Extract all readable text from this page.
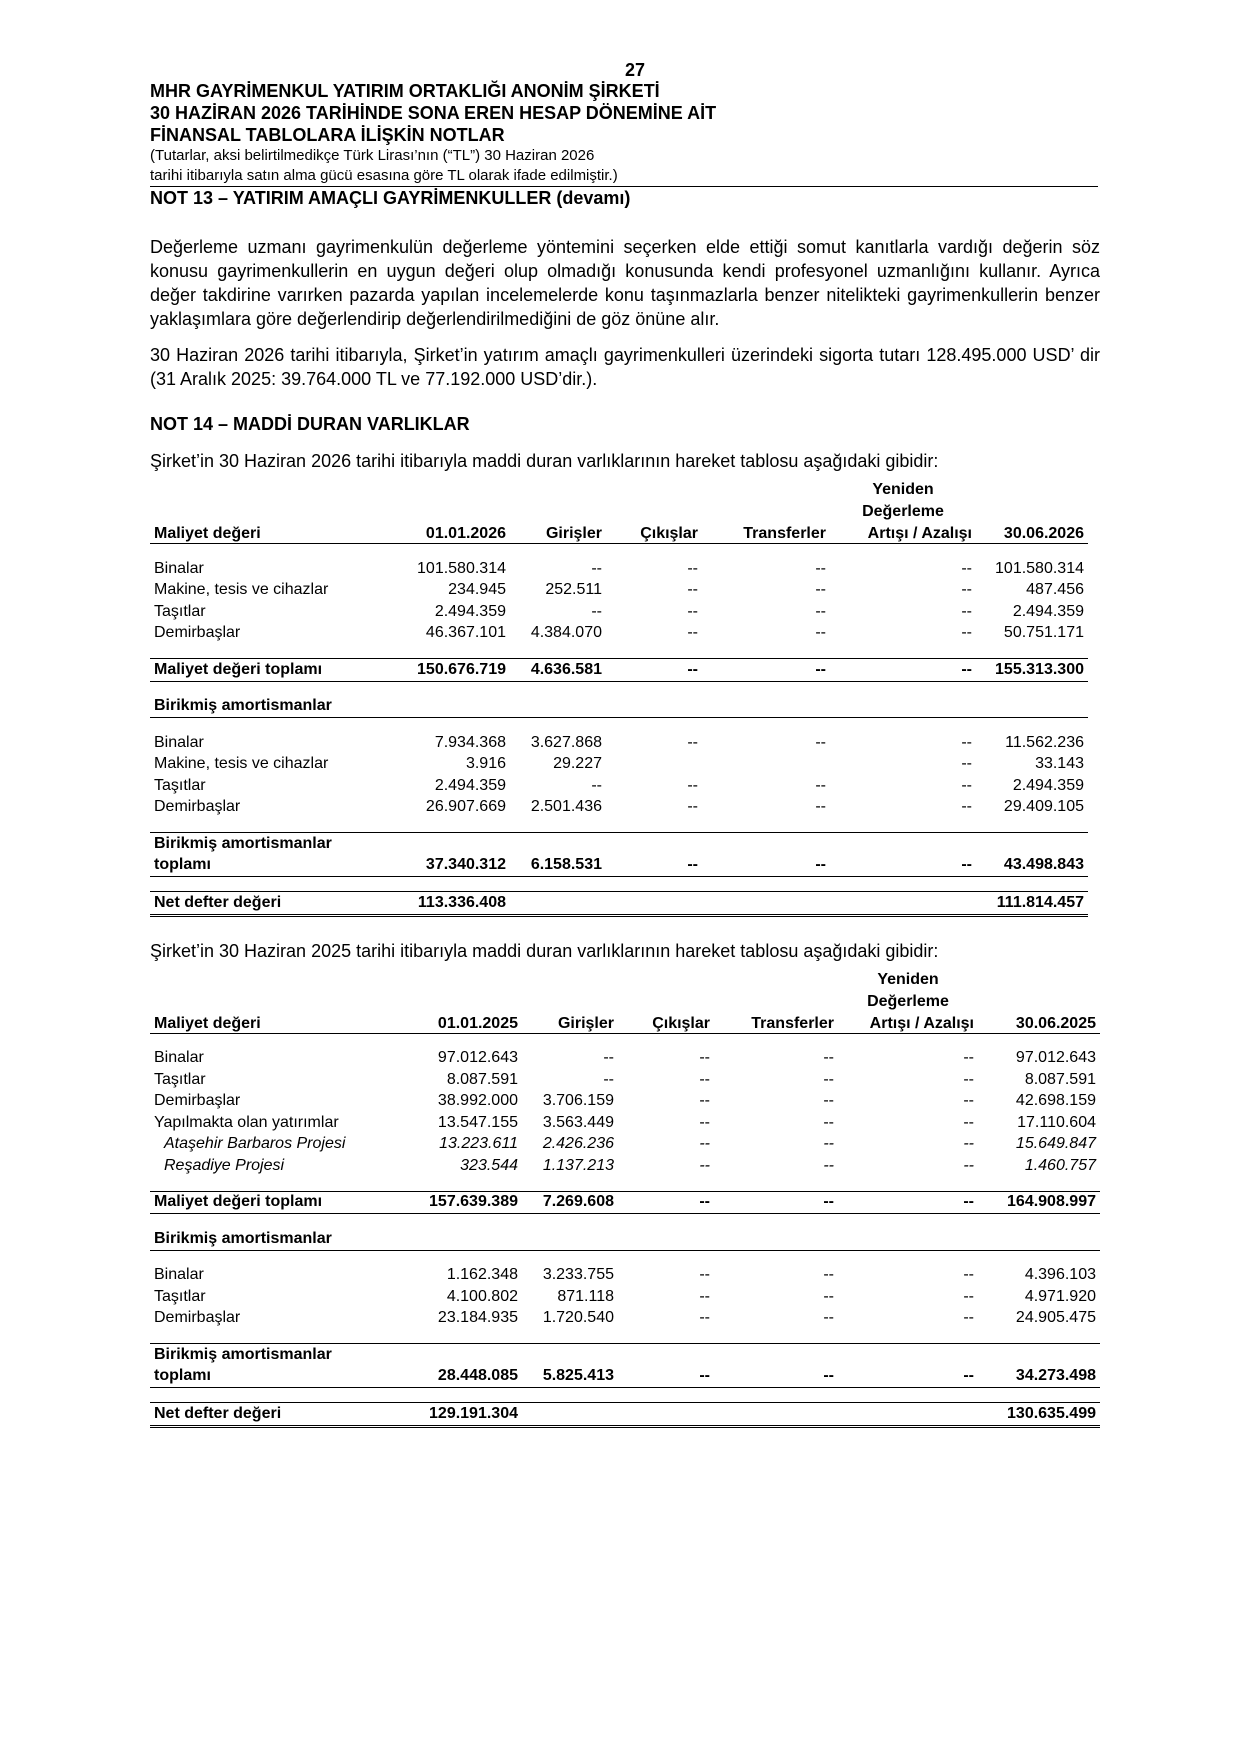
27
MHR GAYRİMENKUL YATIRIM ORTAKLIĞI ANONİM ŞİRKETİ
30 HAZİRAN 2026 TARİHİNDE SONA EREN HESAP DÖNEMİNE AİT
FİNANSAL TABLOLARA İLİŞKİN NOTLAR
(Tutarlar, aksi belirtilmedikçe Türk Lirası’nın (“TL”) 30 Haziran 2026
tarihi itibarıyla satın alma gücü esasına göre TL olarak ifade edilmiştir.)
NOT 13 – YATIRIM AMAÇLI GAYRİMENKULLER (devamı)

Değerleme uzmanı gayrimenkulün değerleme yöntemini seçerken elde ettiği somut kanıtlarla vardığı değerin söz konusu gayrimenkullerin en uygun değeri olup olmadığı konusunda kendi profesyonel uzmanlığını kullanır. Ayrıca değer takdirine varırken pazarda yapılan incelemelerde konu taşınmazlarla benzer nitelikteki gayrimenkullerin benzer yaklaşımlara göre değerlendirip değerlendirilmediğini de göz önüne alır.

30 Haziran 2026 tarihi itibarıyla, Şirket’in yatırım amaçlı gayrimenkulleri üzerindeki sigorta tutarı 128.495.000 USD’ dir (31 Aralık 2025: 39.764.000 TL ve 77.192.000 USD’dir.).

NOT 14 – MADDİ DURAN VARLIKLAR

Şirket’in 30 Haziran 2026 tarihi itibarıyla maddi duran varlıklarının hareket tablosu aşağıdaki gibidir:

					Yeniden	
					Değerleme	
Maliyet değeri	01.01.2026	Girişler	Çıkışlar	Transferler	Artışı / Azalışı	30.06.2026

Binalar	101.580.314	--	--	--	--	101.580.314
Makine, tesis ve cihazlar	234.945	252.511	--	--	--	487.456
Taşıtlar	2.494.359	--	--	--	--	2.494.359
Demirbaşlar	46.367.101	4.384.070	--	--	--	50.751.171

Maliyet değeri toplamı	150.676.719	4.636.581	--	--	--	155.313.300

Birikmiş amortismanlar						

Binalar	7.934.368	3.627.868	--	--	--	11.562.236
Makine, tesis ve cihazlar	3.916	29.227			--	33.143
Taşıtlar	2.494.359	--	--	--	--	2.494.359
Demirbaşlar	26.907.669	2.501.436	--	--	--	29.409.105

Birikmiş amortismanlar						
toplamı	37.340.312	6.158.531	--	--	--	43.498.843

Net defter değeri	113.336.408					111.814.457

Şirket’in 30 Haziran 2025 tarihi itibarıyla maddi duran varlıklarının hareket tablosu aşağıdaki gibidir:

					Yeniden	
					Değerleme	
Maliyet değeri	01.01.2025	Girişler	Çıkışlar	Transferler	Artışı / Azalışı	30.06.2025

Binalar	97.012.643	--	--	--	--	97.012.643
Taşıtlar	8.087.591	--	--	--	--	8.087.591
Demirbaşlar	38.992.000	3.706.159	--	--	--	42.698.159
Yapılmakta olan yatırımlar	13.547.155	3.563.449	--	--	--	17.110.604
Ataşehir Barbaros Projesi	13.223.611	2.426.236	--	--	--	15.649.847
Reşadiye Projesi	323.544	1.137.213	--	--	--	1.460.757

Maliyet değeri toplamı	157.639.389	7.269.608	--	--	--	164.908.997

Birikmiş amortismanlar						

Binalar	1.162.348	3.233.755	--	--	--	4.396.103
Taşıtlar	4.100.802	871.118	--	--	--	4.971.920
Demirbaşlar	23.184.935	1.720.540	--	--	--	24.905.475

Birikmiş amortismanlar						
toplamı	28.448.085	5.825.413	--	--	--	34.273.498

Net defter değeri	129.191.304					130.635.499
